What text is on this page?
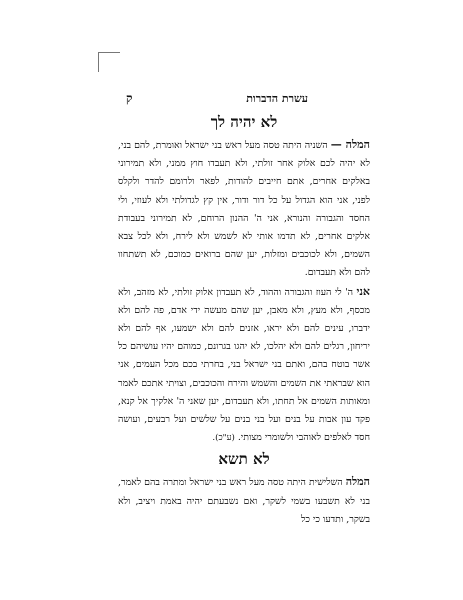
עשרת הדברות
ק
לא יהיה לך

המלה — השניה היתה טסה מעל ראש בני ישראל ואומרת, להם בני, לא יהיה לכם אלוק אחר זולתי, ולא תעבדו חוץ ממני, ולא תמירוני באלקים אחרים, אתם חייבים להודות, לפאר ולרומם להדר ולקלס לפני, אני הוא הגדול על כל דור ודור, אין קץ לגדולתי ולא לעוזי, ולי החסד והגבורה והנורא, אני ה' ההנון הרוחם, לא תמירוני בעבודת אלקים אחרים, לא תדמו אותי לא לשמש ולא לירח, ולא לכל צבא השמים, ולא לכוכבים ומזלות, יען שהם ברואים כמוכם, לא תשתחוו להם ולא תעבדום.

אני ה' לי העוז והגבורה וההוד, לא תעבדון אלוק זולתי, לא מזהב, ולא מכסף, ולא מעץ, ולא מאבן, יען שהם מעשה ידי אדם, פה להם ולא ידברו, עינים להם ולא יראו, אזנים להם ולא ישמעו, אף להם ולא יריחון, רגלים להם ולא יהלכו, לא יהגו בגרונם, כמוהם יהיו עושיהם כל אשר בוטח בהם, ואתם בני ישראל בני, בחרתי בכם מכל העמים, אני הוא שבראתי את השמים והשמש והירח והכוכבים, וצויתי אתכם לאמר ומאותות השמים אל תחתו, ולא תעבדום, יען שאני ה' אלקיך אל קנא, פקד עון אבות על בנים ועל בני בנים על שלשים ועל רבעים, ועושה חסד לאלפים לאוהבי ולשומרי מצותי. (ע"כ).

לא תשא

המלה השלישית היתה טסה מעל ראש בני ישראל ומתרה בהם לאמר, בני לא תשבעו בשמי לשקר, ואם נשבעתם יהיה באמת ויציב, ולא בשקר, ותדעו כי כל
